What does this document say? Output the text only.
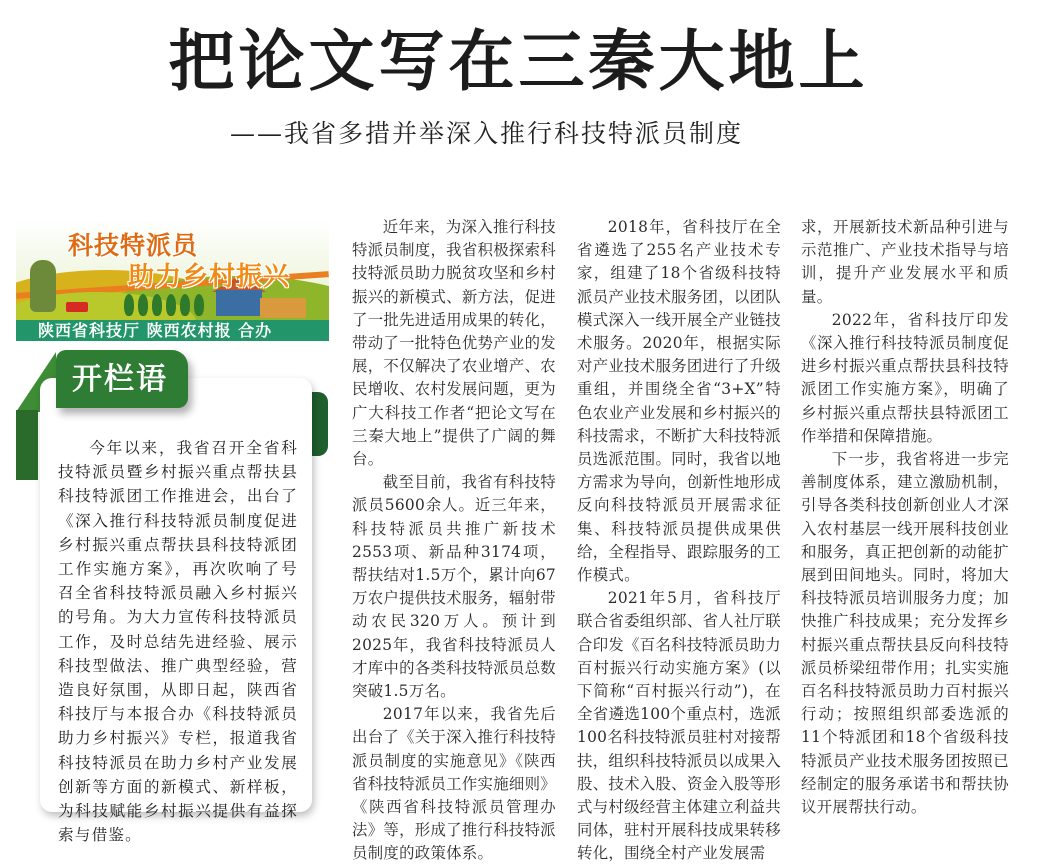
把论文写在三秦大地上
——我省多措并举深入推行科技特派员制度
科技特派员
助力乡村振兴
陕西省科技厅 陕西农村报 合办
开栏语

今年以来，我省召开全省科技特派员暨乡村振兴重点帮扶县科技特派团工作推进会，出台了《深入推行科技特派员制度促进乡村振兴重点帮扶县科技特派团工作实施方案》，再次吹响了号召全省科技特派员融入乡村振兴的号角。为大力宣传科技特派员工作，及时总结先进经验、展示科技型做法、推广典型经验，营造良好氛围，从即日起，陕西省科技厅与本报合办《科技特派员助力乡村振兴》专栏，报道我省科技特派员在助力乡村产业发展创新等方面的新模式、新样板，为科技赋能乡村振兴提供有益探索与借鉴。

近年来，为深入推行科技特派员制度，我省积极探索科技特派员助力脱贫攻坚和乡村振兴的新模式、新方法，促进了一批先进适用成果的转化，带动了一批特色优势产业的发展，不仅解决了农业增产、农民增收、农村发展问题，更为广大科技工作者“把论文写在三秦大地上”提供了广阔的舞台。

截至目前，我省有科技特派员5600余人。近三年来，科技特派员共推广新技术2553项、新品种3174项，帮扶结对1.5万个，累计向67万农户提供技术服务，辐射带动农民320万人。预计到2025年，我省科技特派员人才库中的各类科技特派员总数突破1.5万名。

2017年以来，我省先后出台了《关于深入推行科技特派员制度的实施意见》《陕西省科技特派员工作实施细则》《陕西省科技特派员管理办法》等，形成了推行科技特派员制度的政策体系。

2018年，省科技厅在全省遴选了255名产业技术专家，组建了18个省级科技特派员产业技术服务团，以团队模式深入一线开展全产业链技术服务。2020年，根据实际对产业技术服务团进行了升级重组，并围绕全省“3+X”特色农业产业发展和乡村振兴的科技需求，不断扩大科技特派员选派范围。同时，我省以地方需求为导向，创新性地形成反向科技特派员开展需求征集、科技特派员提供成果供给，全程指导、跟踪服务的工作模式。

2021年5月，省科技厅联合省委组织部、省人社厅联合印发《百名科技特派员助力百村振兴行动实施方案》(以下简称“百村振兴行动”)，在全省遴选100个重点村，选派100名科技特派员驻村对接帮扶，组织科技特派员以成果入股、技术入股、资金入股等形式与村级经营主体建立利益共同体，驻村开展科技成果转移转化，围绕全村产业发展需

求，开展新技术新品种引进与示范推广、产业技术指导与培训，提升产业发展水平和质量。

2022年，省科技厅印发《深入推行科技特派员制度促进乡村振兴重点帮扶县科技特派团工作实施方案》，明确了乡村振兴重点帮扶县特派团工作举措和保障措施。

下一步，我省将进一步完善制度体系，建立激励机制，引导各类科技创新创业人才深入农村基层一线开展科技创业和服务，真正把创新的动能扩展到田间地头。同时，将加大科技特派员培训服务力度；加快推广科技成果；充分发挥乡村振兴重点帮扶县反向科技特派员桥梁纽带作用；扎实实施百名科技特派员助力百村振兴行动；按照组织部委选派的11个特派团和18个省级科技特派员产业技术服务团按照已经制定的服务承诺书和帮扶协议开展帮扶行动。
